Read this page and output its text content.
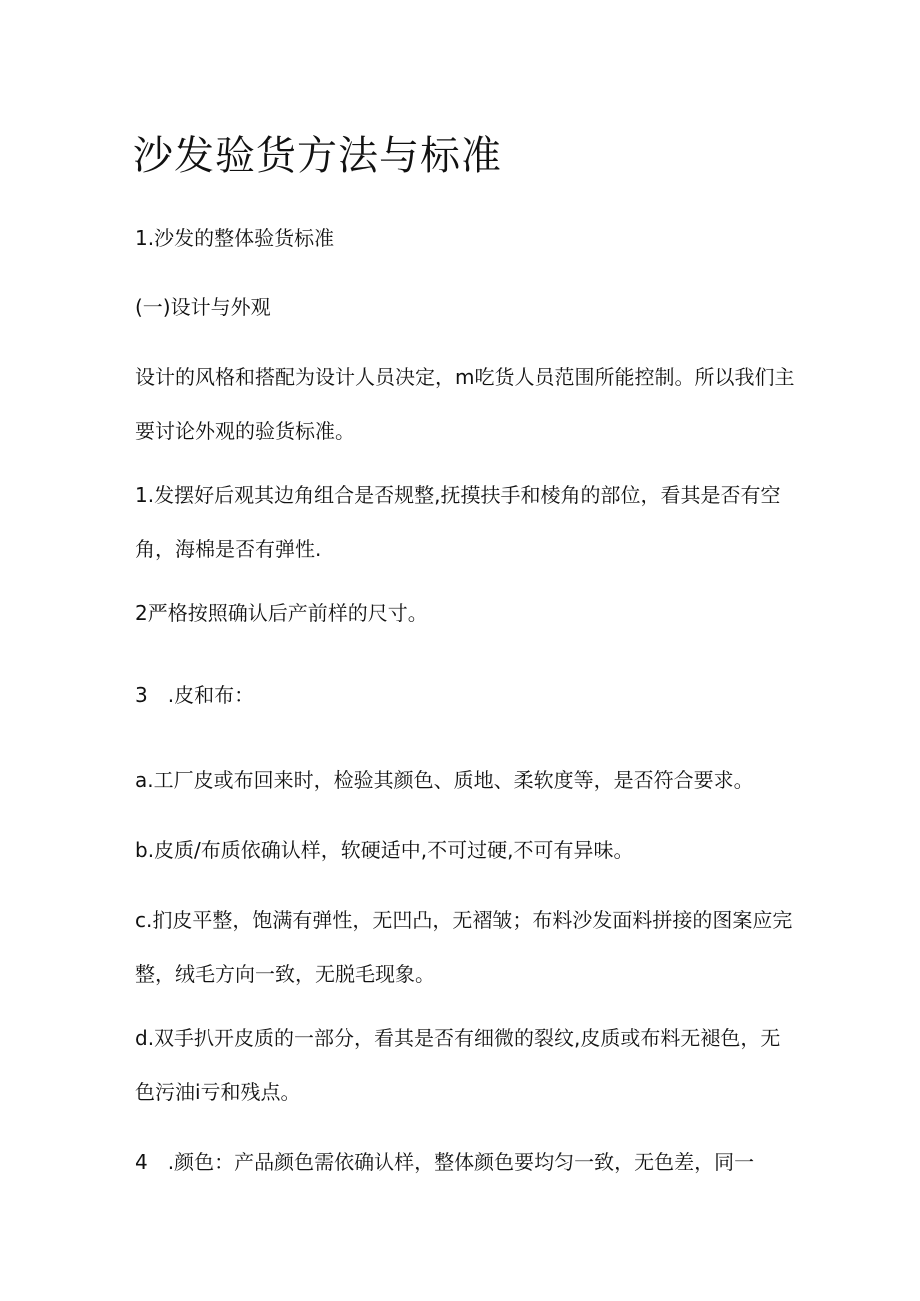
沙发验货方法与标准

1.沙发的整体验货标准

(一)设计与外观

设计的风格和搭配为设计人员决定，m吃货人员范围所能控制。所以我们主要讨论外观的验货标准。

1.发摆好后观其边角组合是否规整,抚摸扶手和棱角的部位，看其是否有空角，海棉是否有弹性.

2严格按照确认后产前样的尺寸。

3　.皮和布：

a.工厂皮或布回来时，检验其颜色、质地、柔软度等，是否符合要求。

b.皮质/布质依确认样，软硬适中,不可过硬,不可有异味。

c.扪皮平整，饱满有弹性，无凹凸，无褶皱；布料沙发面料拼接的图案应完整，绒毛方向一致，无脱毛现象。

d.双手扒开皮质的一部分，看其是否有细微的裂纹,皮质或布料无褪色，无色污油i亏和残点。

4　.颜色：产品颜色需依确认样，整体颜色要均匀一致，无色差，同一
